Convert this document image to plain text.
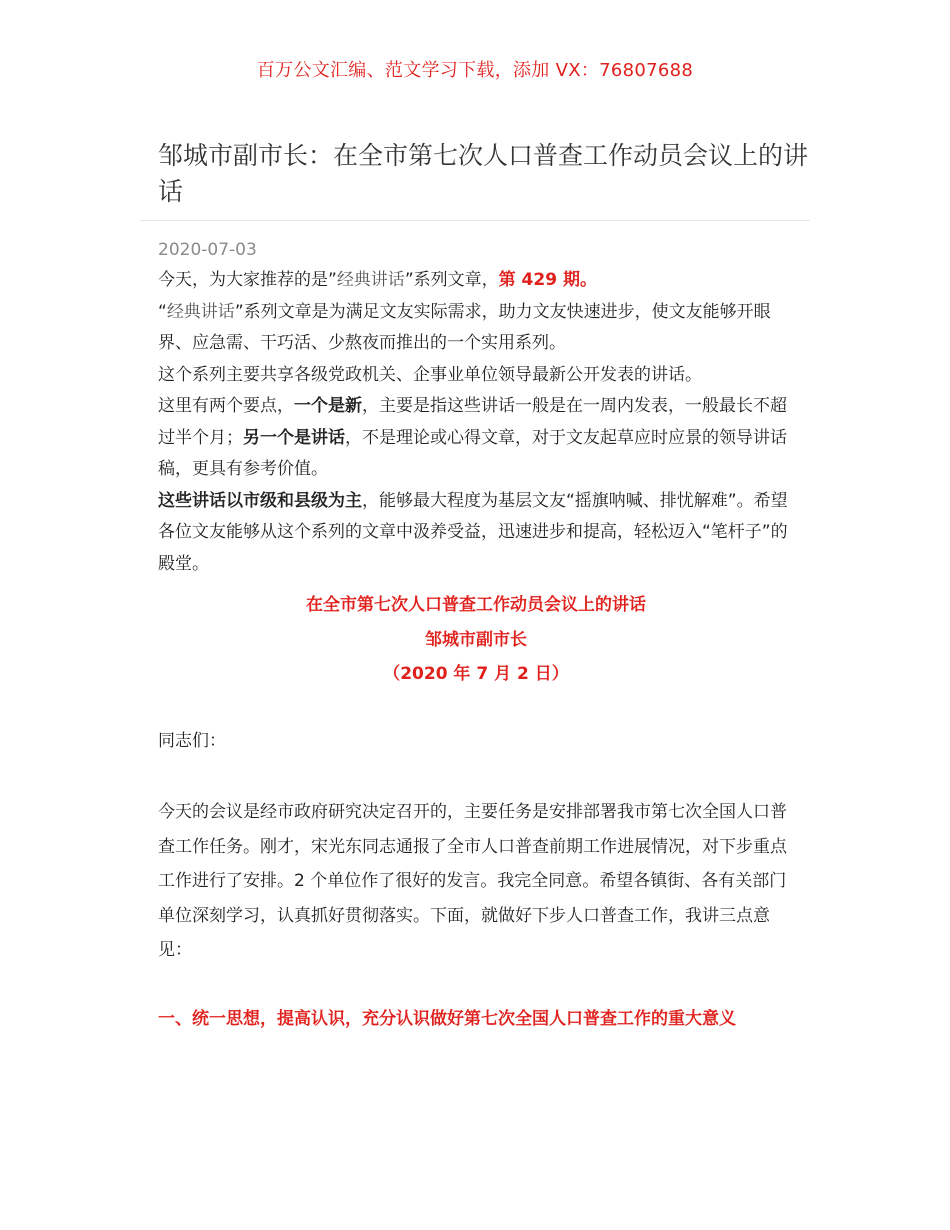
百万公文汇编、范文学习下载，添加 VX：76807688
邹城市副市长：在全市第七次人口普查工作动员会议上的讲话
2020-07-03

今天，为大家推荐的是”经典讲话”系列文章，第 429 期。

“经典讲话”系列文章是为满足文友实际需求，助力文友快速进步，使文友能够开眼界、应急需、干巧活、少熬夜而推出的一个实用系列。

这个系列主要共享各级党政机关、企事业单位领导最新公开发表的讲话。

这里有两个要点，一个是新，主要是指这些讲话一般是在一周内发表，一般最长不超过半个月；另一个是讲话，不是理论或心得文章，对于文友起草应时应景的领导讲话稿，更具有参考价值。

这些讲话以市级和县级为主，能够最大程度为基层文友“摇旗呐喊、排忧解难”。希望各位文友能够从这个系列的文章中汲养受益，迅速进步和提高，轻松迈入“笔杆子”的殿堂。

在全市第七次人口普查工作动员会议上的讲话
邹城市副市长
（2020 年 7 月 2 日）
同志们：
今天的会议是经市政府研究决定召开的，主要任务是安排部署我市第七次全国人口普查工作任务。刚才，宋光东同志通报了全市人口普查前期工作进展情况，对下步重点工作进行了安排。2 个单位作了很好的发言。我完全同意。希望各镇街、各有关部门单位深刻学习，认真抓好贯彻落实。下面，就做好下步人口普查工作，我讲三点意见：
一、统一思想，提高认识，充分认识做好第七次全国人口普查工作的重大意义
